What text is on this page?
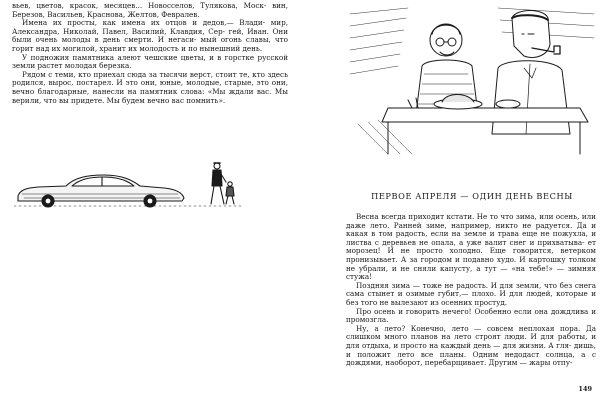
вьев, цветов, красок, месяцев... Новосселов, Тулякова, Моск- вин, Березов, Васильев, Краснова, Желтов, Февралев.

Имена их просты, как имена их отцов и дедов,— Влади- мир, Александра, Николай, Павел, Василий, Клавдия, Сер- гей, Иван. Они были очень молоды в день смерти. И негаси- мый огонь славы, что горит над их могилой, хранит их молодость и по нынешний день.

У подножия памятника алеют чешские цветы, и в горстке русской земли растет молодая березка.

Рядом с теми, кто приехал сюда за тысячи верст, стоит те, кто здесь родился, вырос, постарел. И это они, юные, молодые, старые, это они, вечно благодарные, нанесли на памятник слова: «Мы ждали вас. Мы верили, что вы придете. Мы будем вечно вас помнить».

ПЕРВОЕ АПРЕЛЯ — ОДИН ДЕНЬ ВЕСНЫ

Весна всегда приходит кстати. Не то что зима, или осень, или даже лето. Ранней зиме, например, никто не радуется. Да и какая в том радость, если на земле и трава еще не пожухла, и листва с деревьев не опала, а уже валит снег и прихватыва- ет морозец! И не просто холодно. Еще говорится, ветерком пронизывает. А за городом и подавно худо. И картошку толком не убрали, и не сняли капусту, а тут — «на тебе!» — зимняя стужа!

Поздняя зима — тоже не радость. И для земли, что без снега сама стынет и озимые губит,— плохо. И для людей, которые и без того не вылезают из осенних простуд.

Про осень и говорить нечего! Особенно если она дождлива и промозгла.

Ну, а лето? Конечно, лето — совсем неплохая пора. Да слишком много планов на лето строят люди. И для работы, и для отдыха, и просто на каждый день — для жизни. А гля- дишь, и положит лето все планы. Одним недодаст солнца, а с дождями, наоборот, перебарщивает. Другим — жары отпу-

149
